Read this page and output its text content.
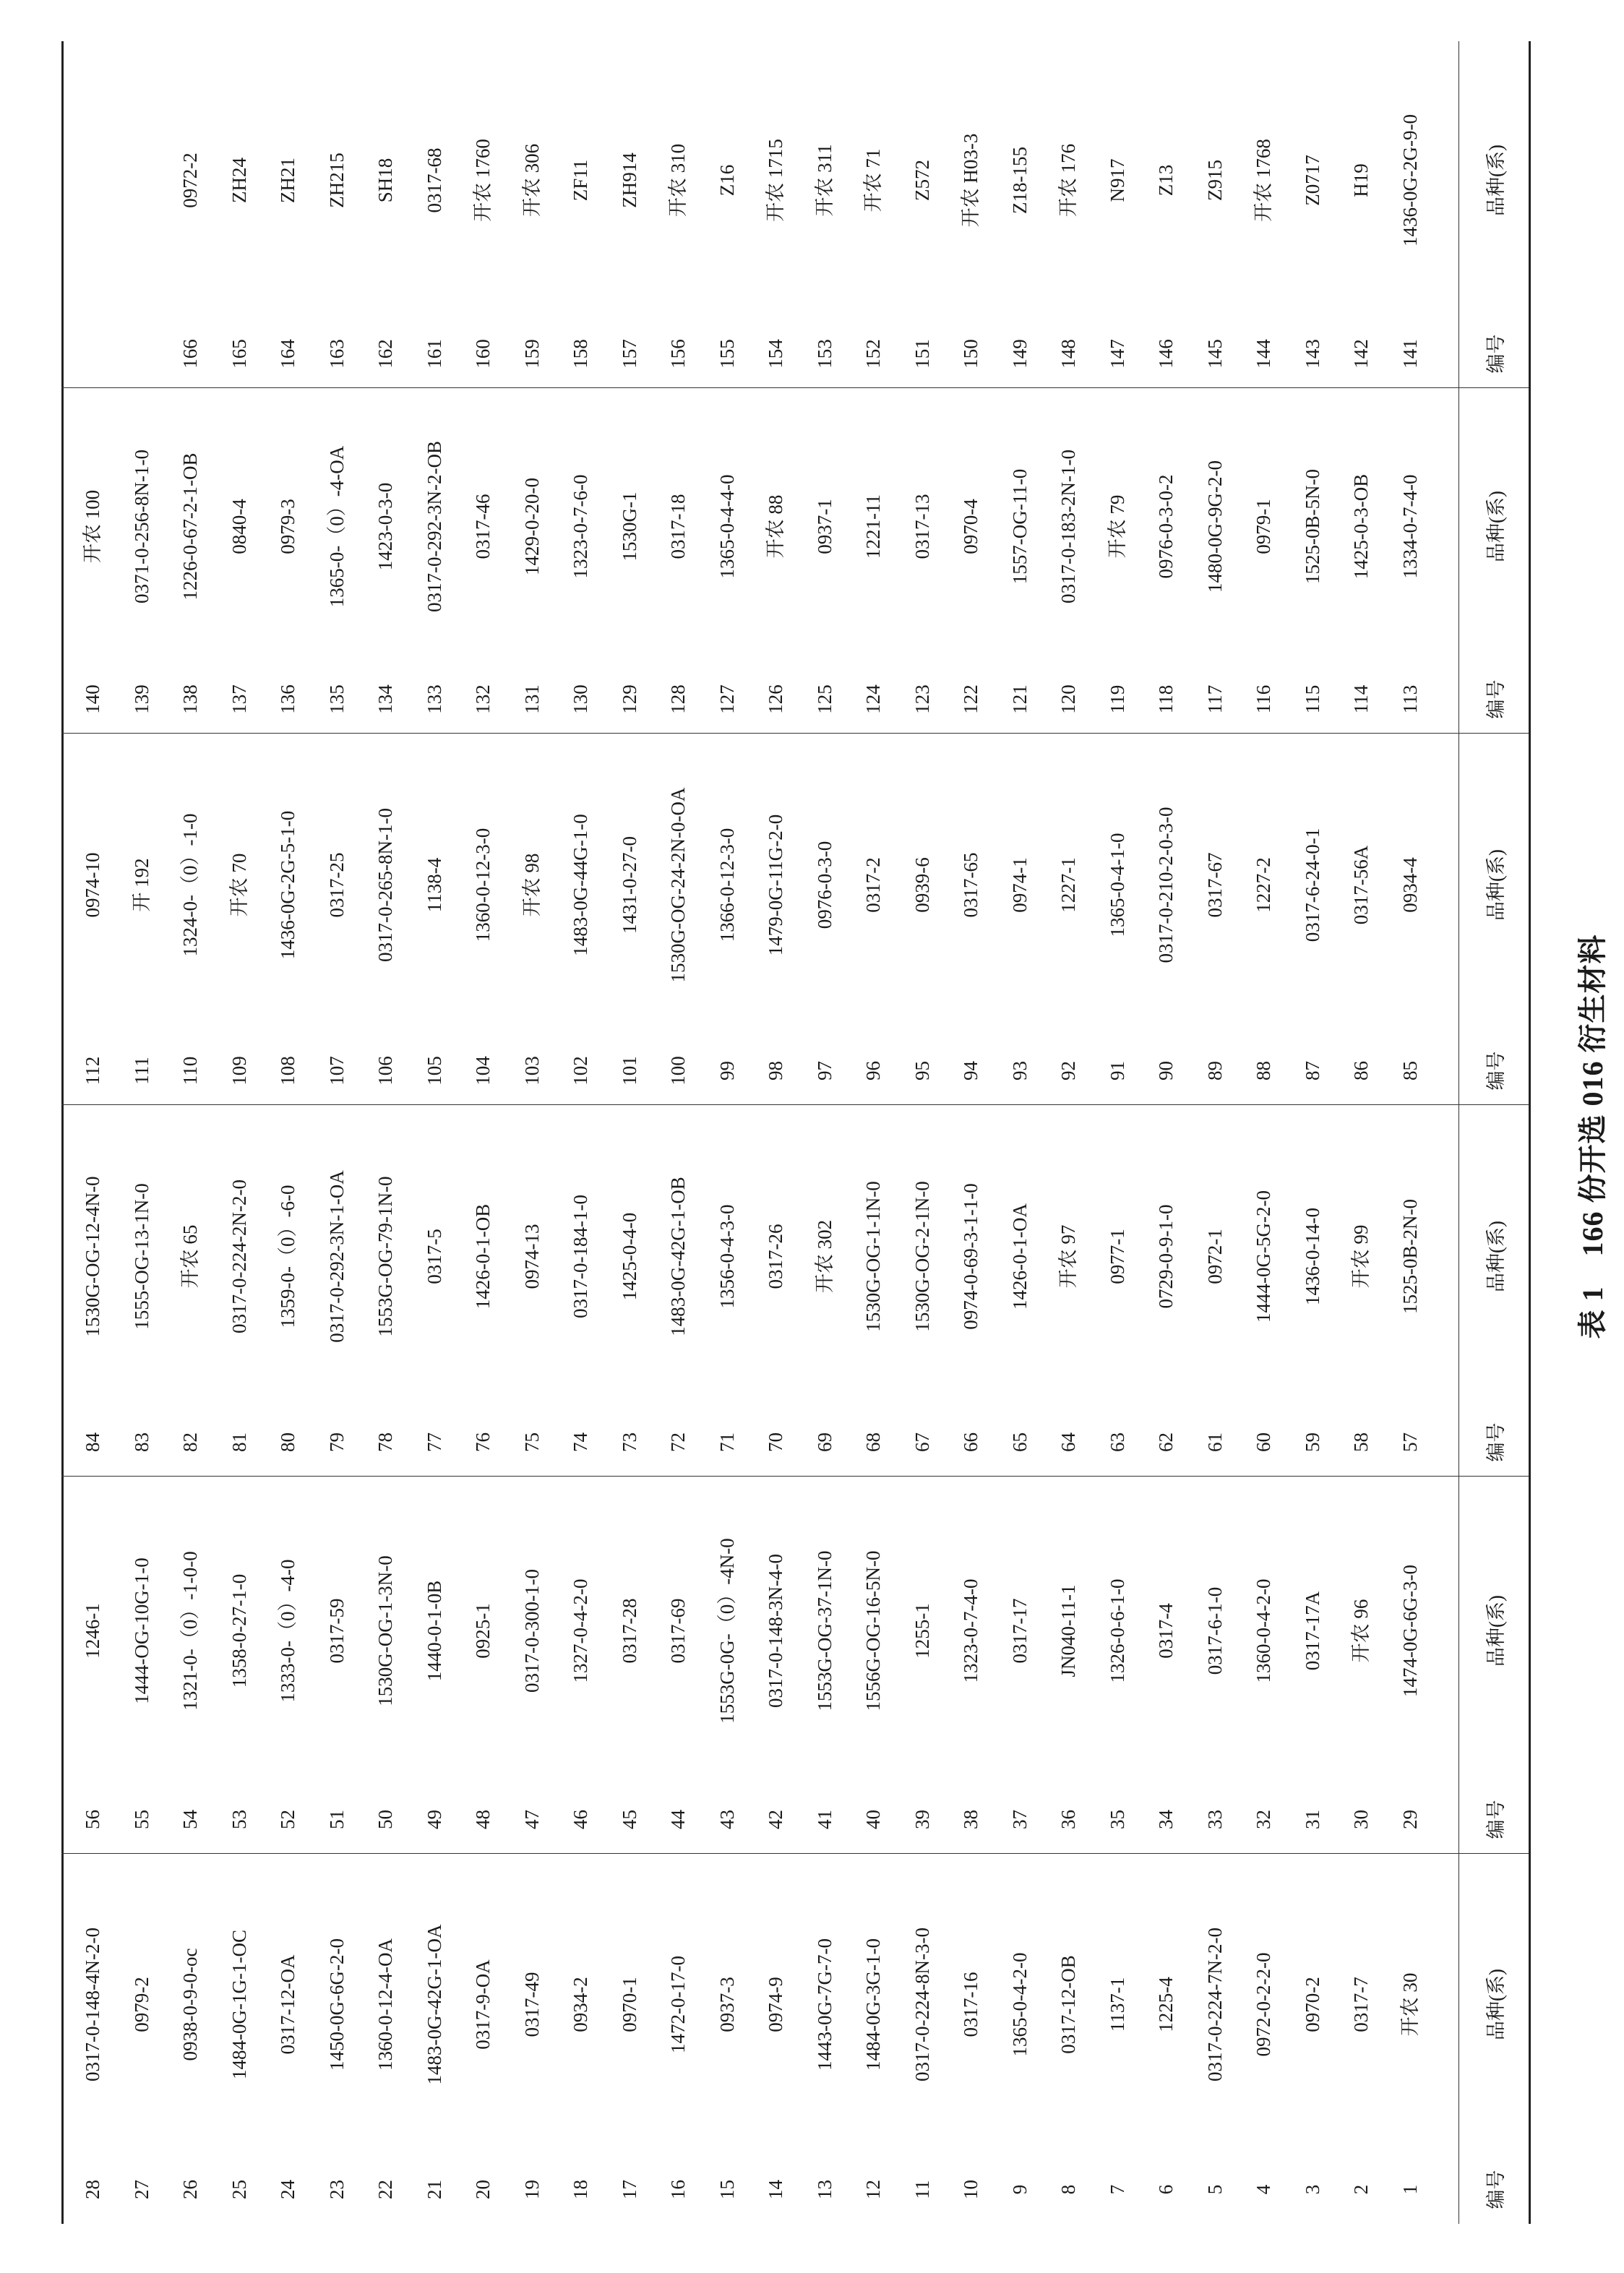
表 1　166 份开选 016 衍生材料
编号
品种(系)
1
开农 30
2
0317-7
3
0970-2
4
0972-0-2-2-0
5
0317-0-224-7N-2-0
6
1225-4
7
1137-1
8
0317-12-OB
9
1365-0-4-2-0
10
0317-16
11
0317-0-224-8N-3-0
12
1484-0G-3G-1-0
13
1443-0G-7G-7-0
14
0974-9
15
0937-3
16
1472-0-17-0
17
0970-1
18
0934-2
19
0317-49
20
0317-9-OA
21
1483-0G-42G-1-OA
22
1360-0-12-4-OA
23
1450-0G-6G-2-0
24
0317-12-OA
25
1484-0G-1G-1-OC
26
0938-0-9-0-oc
27
0979-2
28
0317-0-148-4N-2-0
编号
品种(系)
29
1474-0G-6G-3-0
30
开农 96
31
0317-17A
32
1360-0-4-2-0
33
0317-6-1-0
34
0317-4
35
1326-0-6-1-0
36
JN040-11-1
37
0317-17
38
1323-0-7-4-0
39
1255-1
40
1556G-OG-16-5N-0
41
1553G-OG-37-1N-0
42
0317-0-148-3N-4-0
43
1553G-0G-（0）-4N-0
44
0317-69
45
0317-28
46
1327-0-4-2-0
47
0317-0-300-1-0
48
0925-1
49
1440-0-1-0B
50
1530G-OG-1-3N-0
51
0317-59
52
1333-0-（0）-4-0
53
1358-0-27-1-0
54
1321-0-（0）-1-0-0
55
1444-OG-10G-1-0
56
1246-1
编号
品种(系)
57
1525-0B-2N-0
58
开农 99
59
1436-0-14-0
60
1444-0G-5G-2-0
61
0972-1
62
0729-0-9-1-0
63
0977-1
64
开农 97
65
1426-0-1-OA
66
0974-0-69-3-1-1-0
67
1530G-OG-2-1N-0
68
1530G-OG-1-1N-0
69
开农 302
70
0317-26
71
1356-0-4-3-0
72
1483-0G-42G-1-OB
73
1425-0-4-0
74
0317-0-184-1-0
75
0974-13
76
1426-0-1-OB
77
0317-5
78
1553G-OG-79-1N-0
79
0317-0-292-3N-1-OA
80
1359-0-（0）-6-0
81
0317-0-224-2N-2-0
82
开农 65
83
1555-OG-13-1N-0
84
1530G-OG-12-4N-0
编号
品种(系)
85
0934-4
86
0317-56A
87
0317-6-24-0-1
88
1227-2
89
0317-67
90
0317-0-210-2-0-3-0
91
1365-0-4-1-0
92
1227-1
93
0974-1
94
0317-65
95
0939-6
96
0317-2
97
0976-0-3-0
98
1479-0G-11G-2-0
99
1366-0-12-3-0
100
1530G-OG-24-2N-0-OA
101
1431-0-27-0
102
1483-0G-44G-1-0
103
开农 98
104
1360-0-12-3-0
105
1138-4
106
0317-0-265-8N-1-0
107
0317-25
108
1436-0G-2G-5-1-0
109
开农 70
110
1324-0-（0）-1-0
111
开 192
112
0974-10
编号
品种(系)
113
1334-0-7-4-0
114
1425-0-3-OB
115
1525-0B-5N-0
116
0979-1
117
1480-0G-9G-2-0
118
0976-0-3-0-2
119
开农 79
120
0317-0-183-2N-1-0
121
1557-OG-11-0
122
0970-4
123
0317-13
124
1221-11
125
0937-1
126
开农 88
127
1365-0-4-4-0
128
0317-18
129
1530G-1
130
1323-0-7-6-0
131
1429-0-20-0
132
0317-46
133
0317-0-292-3N-2-OB
134
1423-0-3-0
135
1365-0-（0）-4-OA
136
0979-3
137
0840-4
138
1226-0-67-2-1-OB
139
0371-0-256-8N-1-0
140
开农 100
编号
品种(系)
141
1436-0G-2G-9-0
142
H19
143
Z0717
144
开农 1768
145
Z915
146
Z13
147
N917
148
开农 176
149
Z18-155
150
开农 H03-3
151
Z572
152
开农 71
153
开农 311
154
开农 1715
155
Z16
156
开农 310
157
ZH914
158
ZF11
159
开农 306
160
开农 1760
161
0317-68
162
SH18
163
ZH215
164
ZH21
165
ZH24
166
0972-2
